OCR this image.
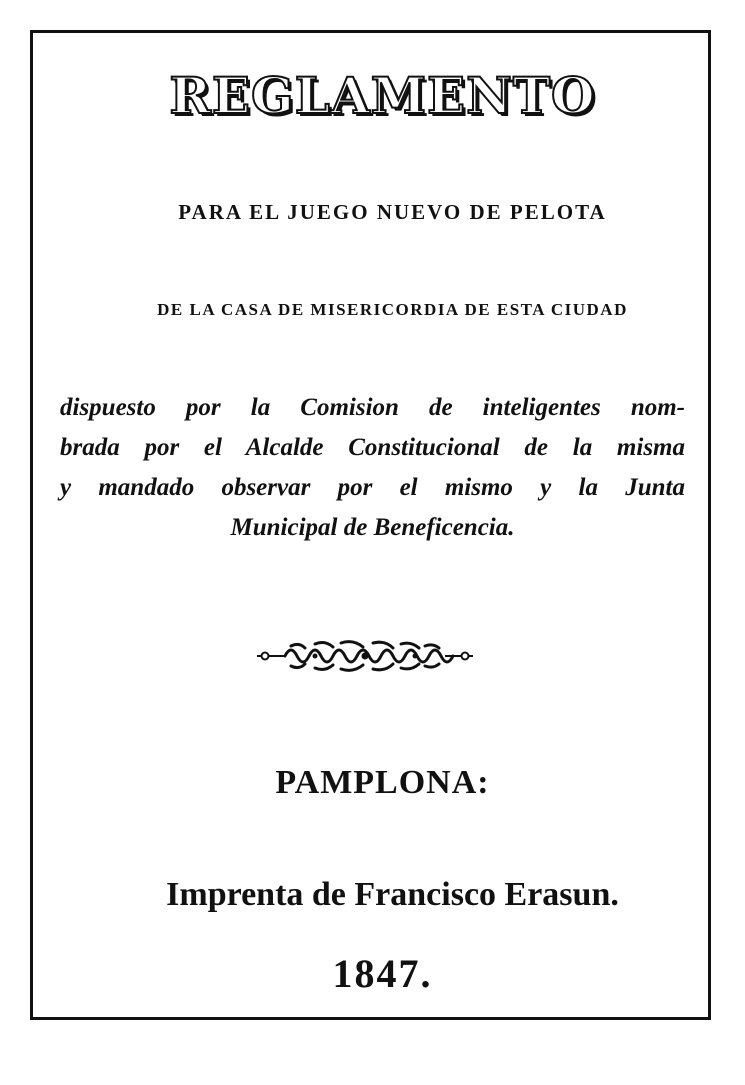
REGLAMENTO
PARA EL JUEGO NUEVO DE PELOTA
DE LA CASA DE MISERICORDIA DE ESTA CIUDAD
dispuesto por la Comision de inteligentes nom-
brada por el Alcalde Constitucional de la misma
y mandado observar por el mismo y la Junta
Municipal de Beneficencia.
PAMPLONA:
Imprenta de Francisco Erasun.
1847.
